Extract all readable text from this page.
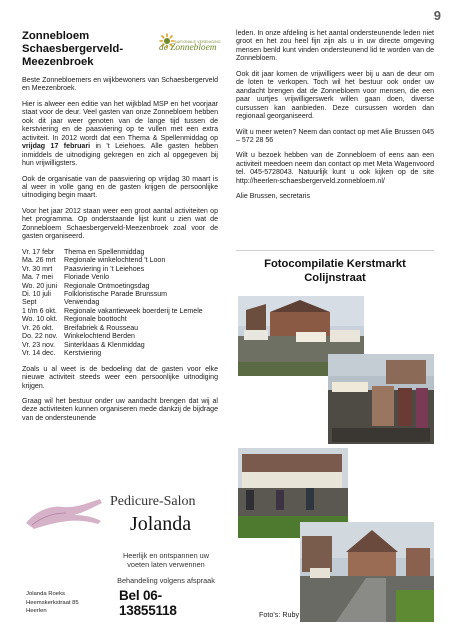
9
Zonnebloem Schaesbergerveld-Meezenbroek
NATIONALE VERENIGING
de Zonnebloem

Beste Zonnebloemers en wijkbewoners van Schaesbergerveld en Meezenbroek.

Hier is alweer een editie van het wijkblad MSP en het voorjaar staat voor de deur. Veel gasten van onze Zonnebloem hebben ook dit jaar weer genoten van de lange tijd tussen de kerstviering en de paasviering op te vullen met een extra activiteit. In 2012 wordt dat een Thema & Spellenmiddag op vrijdag 17 februari in 't Leiehoes. Alle gasten hebben inmiddels de uitnodiging gekregen en zich al opgegeven bij hun vrijwilligsters.

Ook de organisatie van de paasviering op vrijdag 30 maart is al weer in volle gang en de gasten krijgen de persoonlijke uitnodiging begin maart.

Voor het jaar 2012 staan weer een groot aantal activiteiten op het programma. Op onderstaande lijst kunt u zien wat de Zonnebloem Schaesbergerveld-Meezenbroek zoal voor de gasten organiseerd.

Vr. 17 febr	Thema en Spellenmiddag
Ma. 26 mrt	Regionale winkelochtend 't Loon
Vr. 30 mrt	Paasviering in 't Leiehoes
Ma. 7 mei	Floriade Venlo
Wo. 20 juni Regionale Ontmoetingsdag
Di. 10 juli	Folkloristische Parade Brunssum
Sept	Verwendag
1 t/m 6 okt.	Regionale vakantieweek boerderij te Lemele
Wo. 10 okt. Regionale boottocht
Vr. 26 okt.	Breifabriek & Rousseau
Do. 22 nov. Winkelochtend Berden
Vr. 23 nov.	Sinterklaas & Klenmiddag
Vr. 14 dec.	Kerstviering

Zoals u al weet is de bedoeling dat de gasten voor elke nieuwe activiteit steeds weer een persoonlijke uitnodiging krijgen.

Graag wil het bestuur onder uw aandacht brengen dat wij al deze activiteiten kunnen organiseren mede dankzij de bijdrage van de ondersteunende

Pedicure-Salon
Jolanda
Heerlijk en ontspannen uw voeten laten verwennen
Behandeling volgens afspraak
Bel 06-13855118
Jolanda Roeks
Heemskerkstraat 85
Heerlen

leden. In onze afdeling is het aantal ondersteunende leden niet groot en het zou heel fijn zijn als u in uw directe omgeving mensen benld kunt vinden ondersteunend lid te worden van de Zonnebloem.

Ook dit jaar komen de vrijwilligers weer bij u aan de deur om de loten te verkopen. Toch wil het bestuur ook onder uw aandacht brengen dat de Zonnebloem voor mensen, die een paar uurtjes vrijwilligerswerk willen gaan doen, diverse cursussen kan aanbieden. Deze cursussen worden dan regionaal georganiseerd.

Wilt u meer weten? Neem dan contact op met Alie Brussen 045 – 572 28 56

Wilt u bezoek hebben van de Zonnebloem of eens aan een activiteit meedoen neem dan contact op met Meta Wagenvoord tel. 045-5728043. Natuurlijk kunt u ook kijken op de site http://heerlen-schaesbergerveld.zonnebloem.nl/

Alie Brussen, secretaris

Fotocompilatie Kerstmarkt Colijnstraat
Foto's: Ruby
